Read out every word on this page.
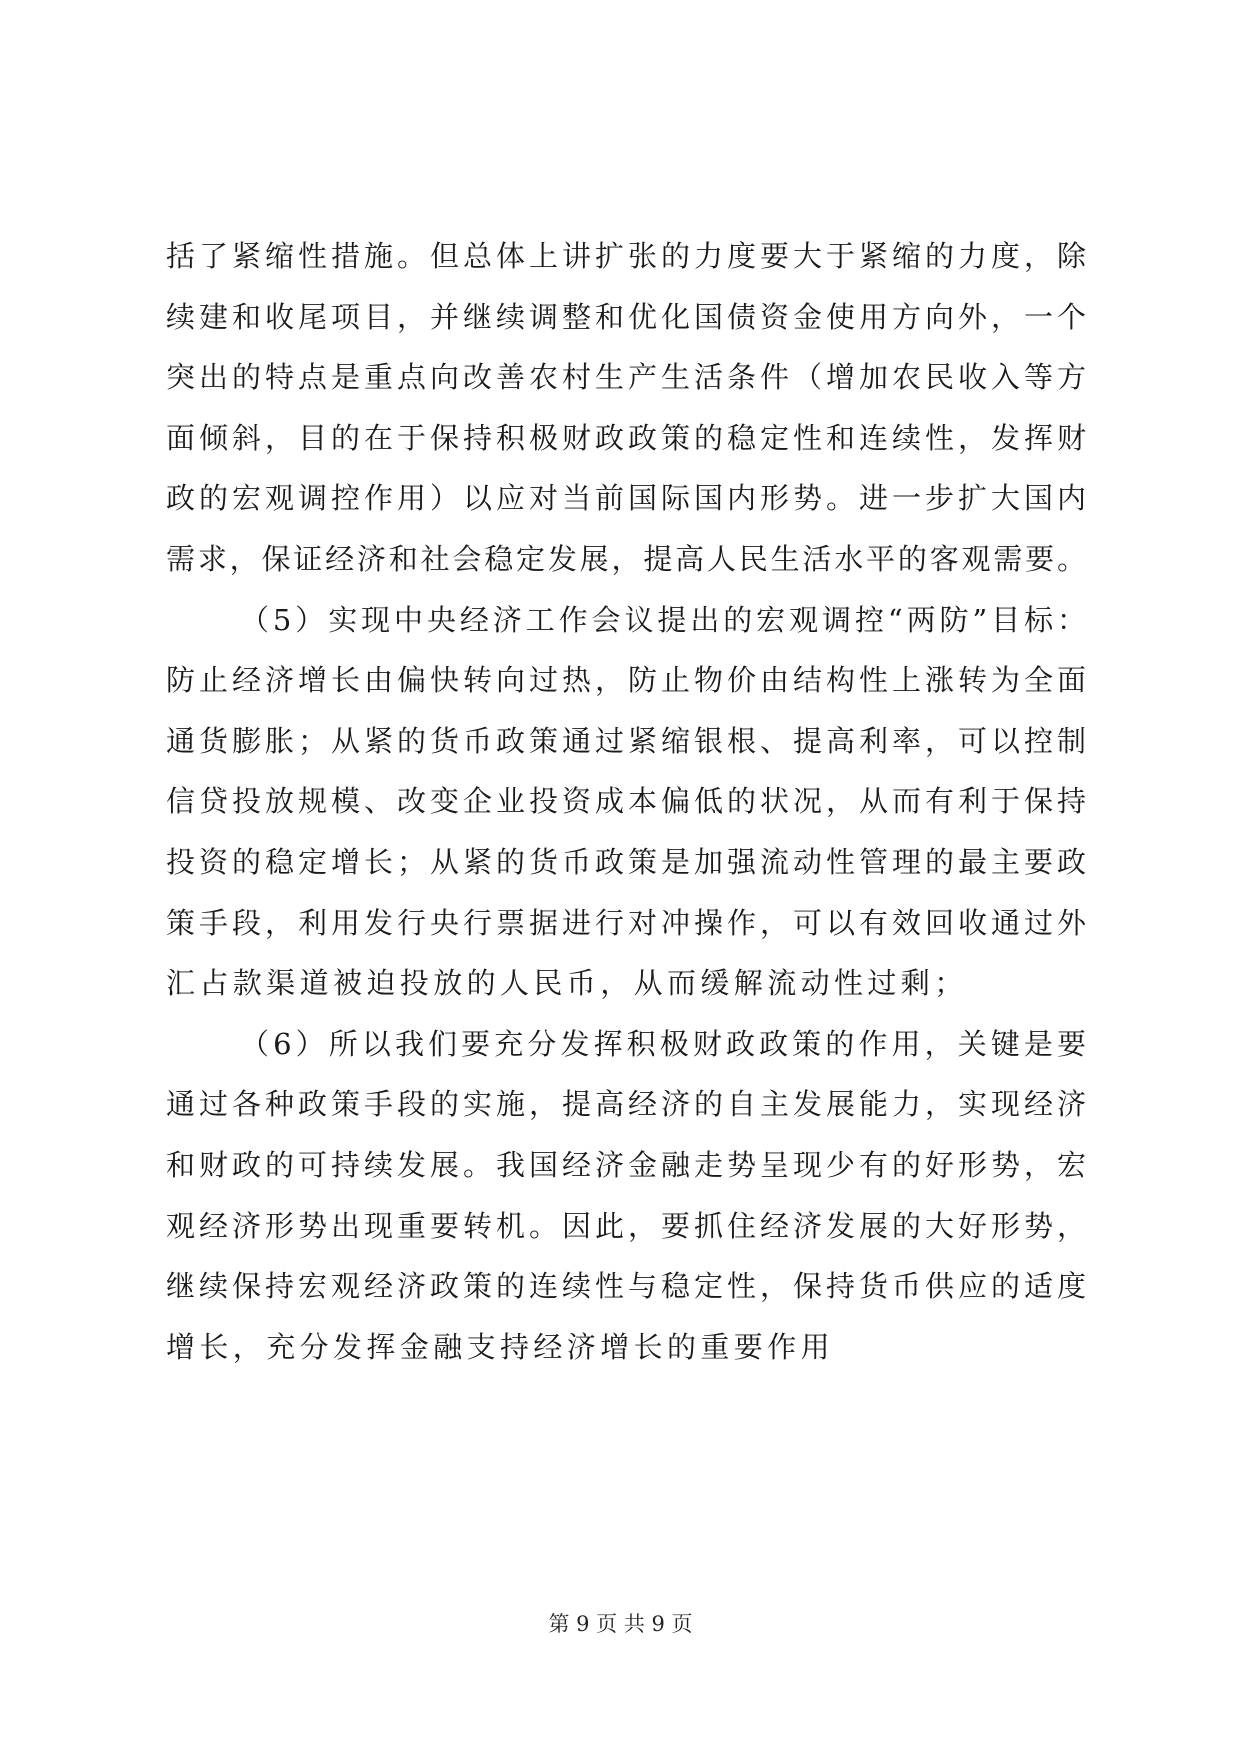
括了紧缩性措施。但总体上讲扩张的力度要大于紧缩的力度，除
续建和收尾项目，并继续调整和优化国债资金使用方向外，一个
突出的特点是重点向改善农村生产生活条件（增加农民收入等方
面倾斜，目的在于保持积极财政政策的稳定性和连续性，发挥财
政的宏观调控作用）以应对当前国际国内形势。进一步扩大国内
需求，保证经济和社会稳定发展，提高人民生活水平的客观需要。
（5）实现中央经济工作会议提出的宏观调控“两防”目标：
防止经济增长由偏快转向过热，防止物价由结构性上涨转为全面
通货膨胀；从紧的货币政策通过紧缩银根、提高利率，可以控制
信贷投放规模、改变企业投资成本偏低的状况，从而有利于保持
投资的稳定增长；从紧的货币政策是加强流动性管理的最主要政
策手段，利用发行央行票据进行对冲操作，可以有效回收通过外
汇占款渠道被迫投放的人民币，从而缓解流动性过剩；
（6）所以我们要充分发挥积极财政政策的作用，关键是要
通过各种政策手段的实施，提高经济的自主发展能力，实现经济
和财政的可持续发展。我国经济金融走势呈现少有的好形势，宏
观经济形势出现重要转机。因此，要抓住经济发展的大好形势，
继续保持宏观经济政策的连续性与稳定性，保持货币供应的适度
增长，充分发挥金融支持经济增长的重要作用
第 9 页 共 9 页
